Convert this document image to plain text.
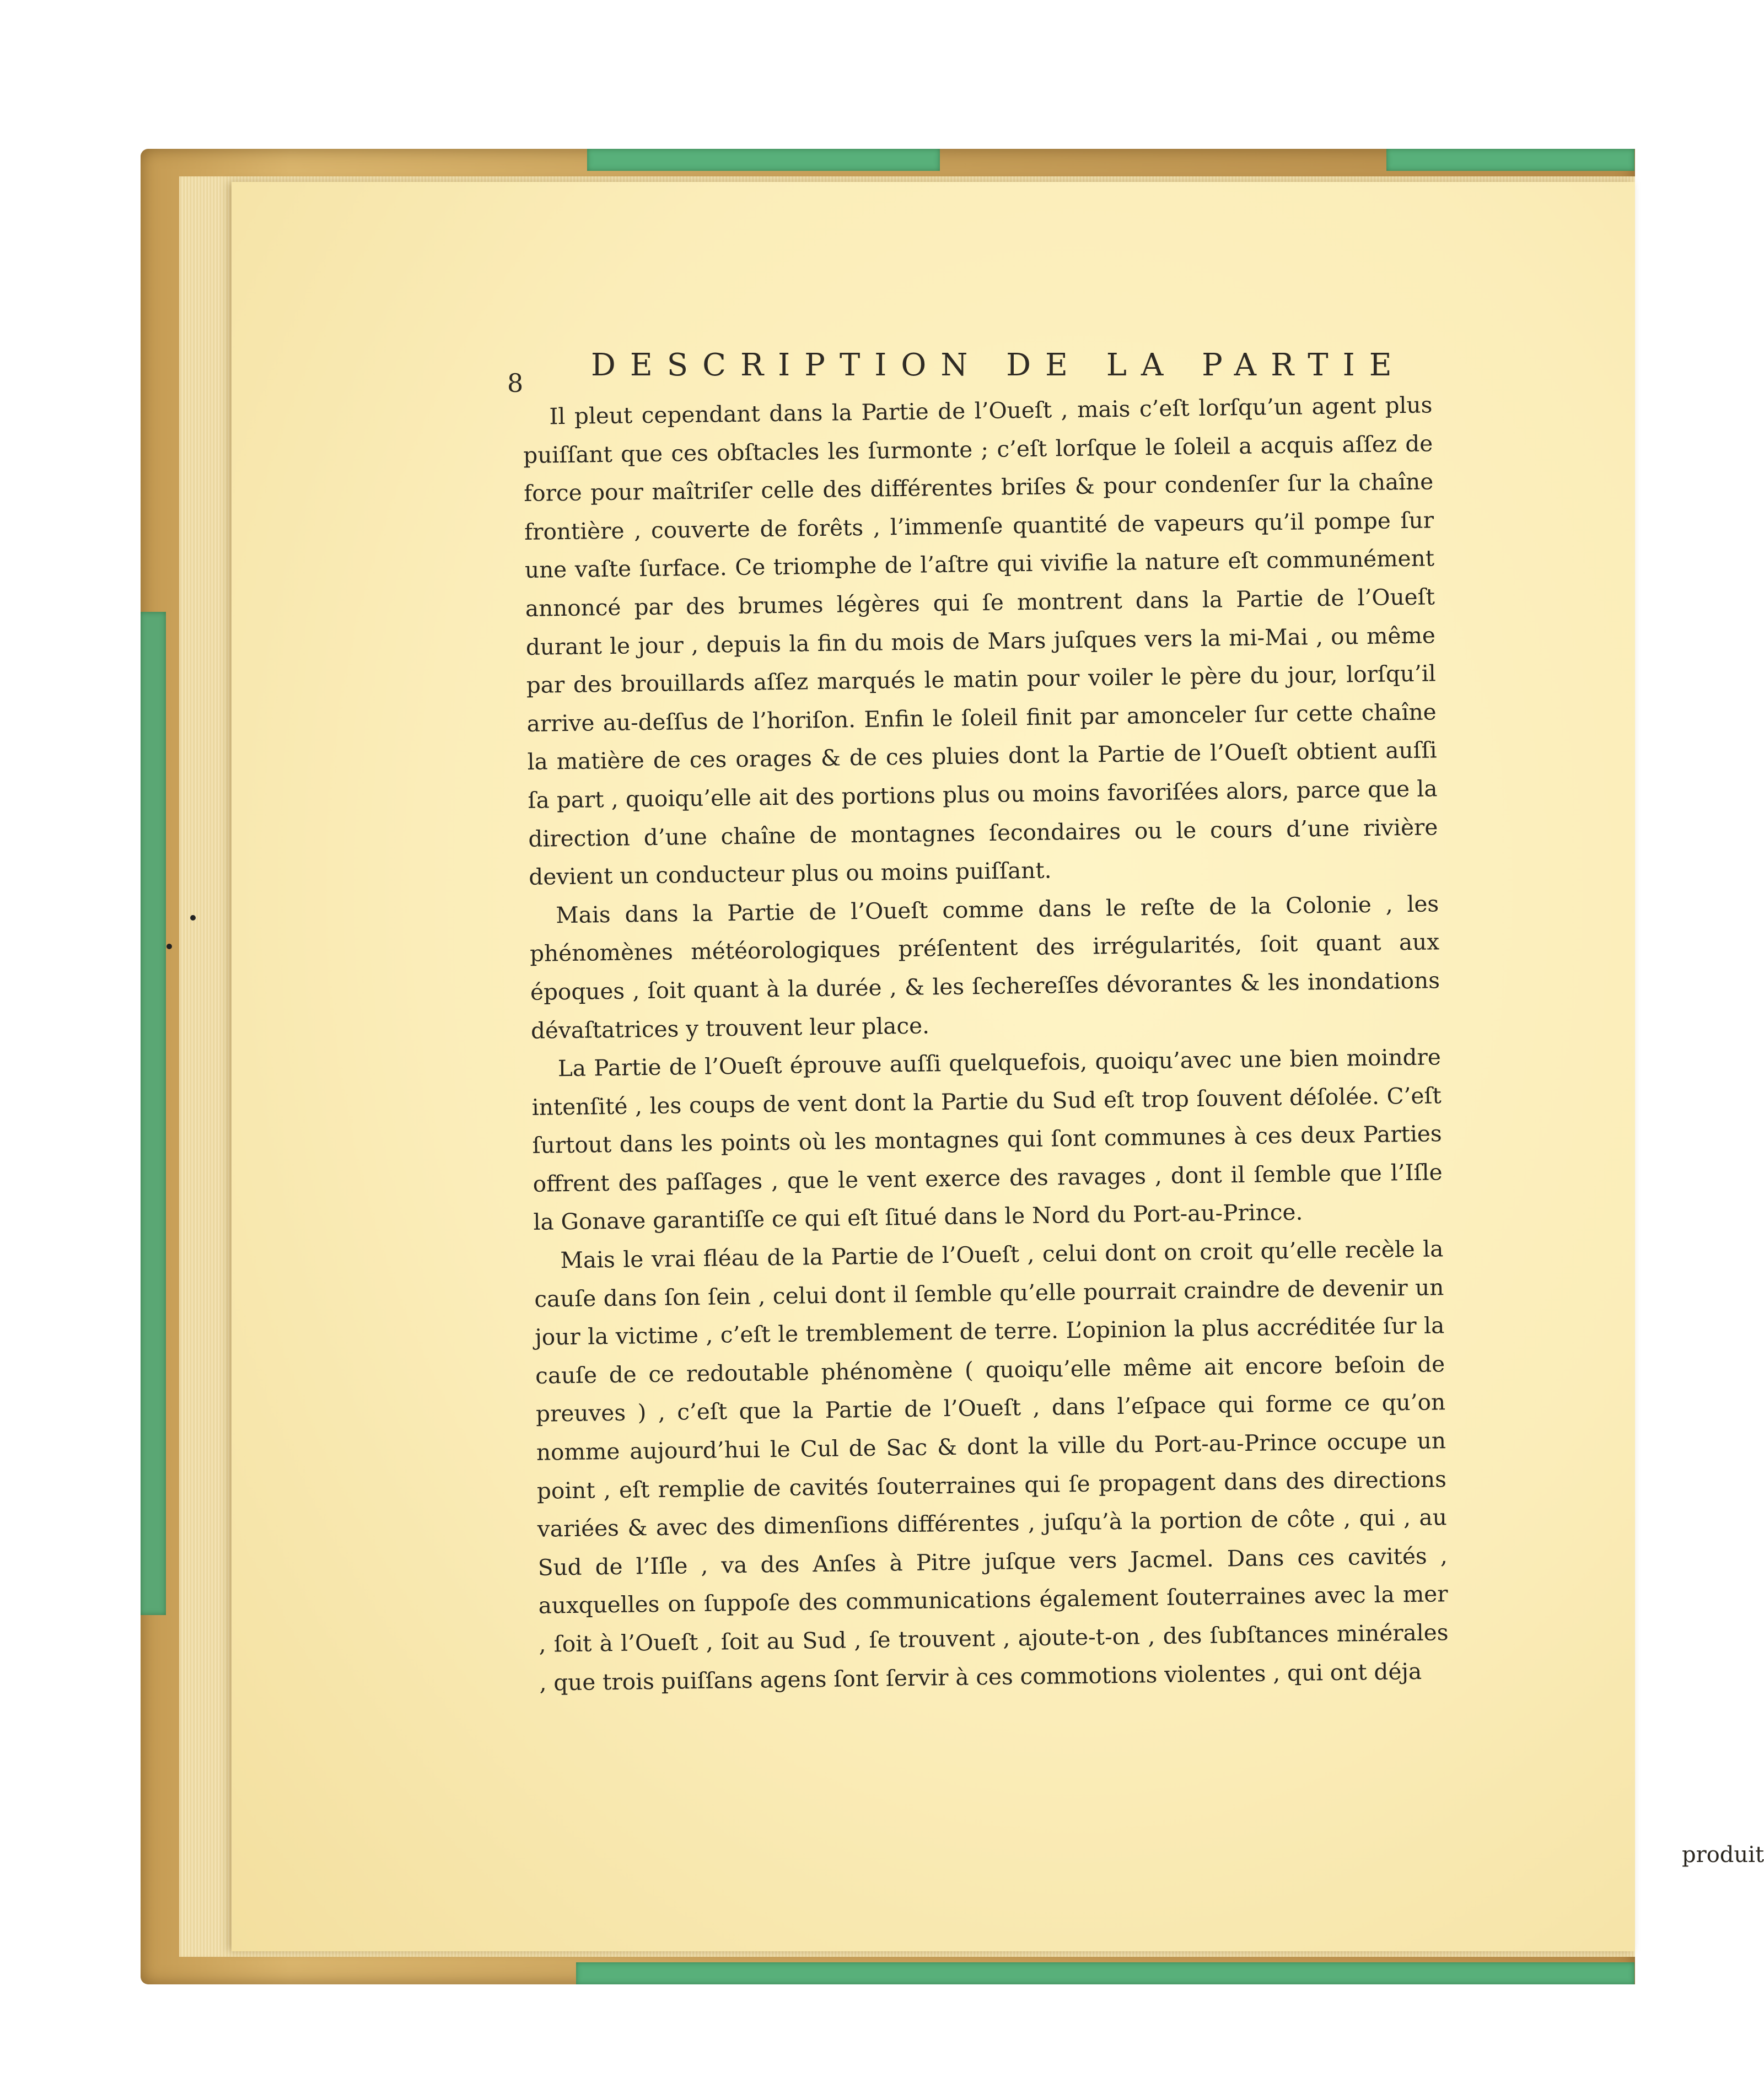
8 DESCRIPTION DE LA PARTIE

Il pleut cependant dans la Partie de l’Oueſt , mais c’eſt lorſqu’un agent plus puiſſant que ces obſtacles les ſurmonte ; c’eſt lorſque le ſoleil a acquis aſſez de force pour maîtriſer celle des différentes briſes & pour condenſer ſur la chaîne frontière , couverte de forêts , l’immenſe quantité de vapeurs qu’il pompe ſur une vaſte ſurface. Ce triomphe de l’aſtre qui vivifie la nature eſt communément annoncé par des brumes légères qui ſe montrent dans la Partie de l’Oueſt durant le jour , depuis la fin du mois de Mars juſques vers la mi-Mai , ou même par des brouillards aſſez marqués le matin pour voiler le père du jour, lorſqu’il arrive au-deſſus de l’horiſon. Enfin le ſoleil finit par amonceler ſur cette chaîne la matière de ces orages & de ces pluies dont la Partie de l’Oueſt obtient auſſi ſa part , quoiqu’elle ait des portions plus ou moins favoriſées alors, parce que la direction d’une chaîne de montagnes ſecondaires ou le cours d’une rivière devient un conducteur plus ou moins puiſſant.

Mais dans la Partie de l’Oueſt comme dans le reſte de la Colonie , les phénomènes météorologiques préſentent des irrégularités, ſoit quant aux époques , ſoit quant à la durée , & les ſechereſſes dévorantes & les inondations dévaſtatrices y trouvent leur place.

La Partie de l’Oueſt éprouve auſſi quelquefois, quoiqu’avec une bien moindre intenſité , les coups de vent dont la Partie du Sud eſt trop ſouvent déſolée. C’eſt ſurtout dans les points où les montagnes qui ſont communes à ces deux Parties offrent des paſſages , que le vent exerce des ravages , dont il ſemble que l’Iſle la Gonave garantiſſe ce qui eſt ſitué dans le Nord du Port-au-Prince.

Mais le vrai fléau de la Partie de l’Oueſt , celui dont on croit qu’elle recèle la cauſe dans ſon ſein , celui dont il ſemble qu’elle pourrait craindre de devenir un jour la victime , c’eſt le tremblement de terre. L’opinion la plus accréditée ſur la cauſe de ce redoutable phénomène ( quoiqu’elle même ait encore beſoin de preuves ) , c’eſt que la Partie de l’Oueſt , dans l’eſpace qui forme ce qu’on nomme aujourd’hui le Cul de Sac & dont la ville du Port-au-Prince occupe un point , eſt remplie de cavités ſouterraines qui ſe propagent dans des directions variées & avec des dimenſions différentes , juſqu’à la portion de côte , qui , au Sud de l’Iſle , va des Anſes à Pitre juſque vers Jacmel. Dans ces cavités , auxquelles on ſuppoſe des communications également ſouterraines avec la mer , ſoit à l’Oueſt , ſoit au Sud , ſe trouvent , ajoute-t-on , des ſubſtances minérales , que trois puiſſans agens ſont ſervir à ces commotions violentes , qui ont déja

produit
